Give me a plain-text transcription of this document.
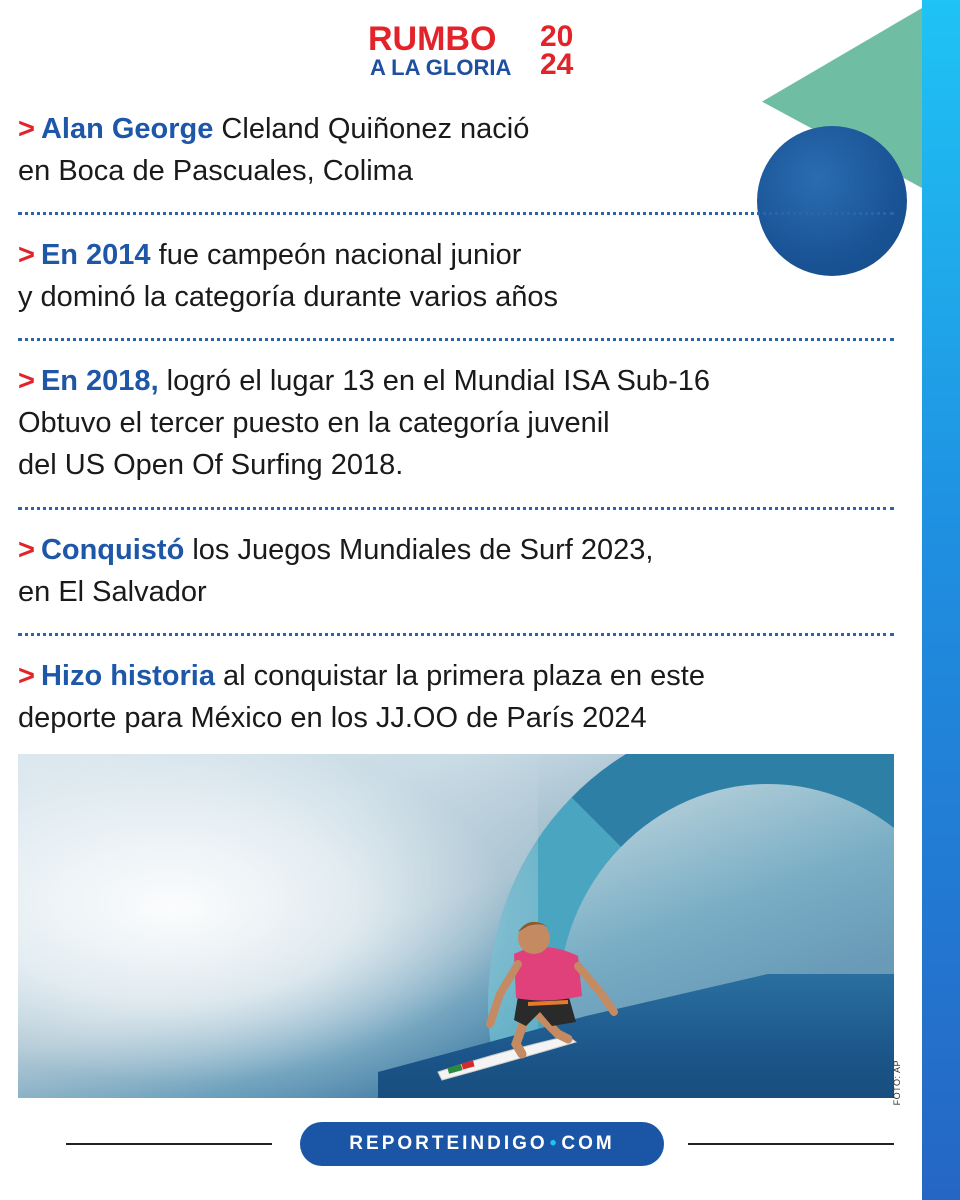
RUMBO
A LA GLORIA
20
24
> Alan George Cleland Quiñonez nació
en Boca de Pascuales, Colima
> En 2014 fue campeón nacional junior
y dominó la categoría durante varios años
> En 2018, logró el lugar 13 en el Mundial ISA Sub-16
Obtuvo el tercer puesto en la categoría juvenil
del US Open Of Surfing 2018.
> Conquistó los Juegos Mundiales de Surf 2023,
en El Salvador
> Hizo historia al conquistar la primera plaza en este
deporte para México en los JJ.OO de París 2024
FOTO: AP
REPORTEINDIGO • COM
